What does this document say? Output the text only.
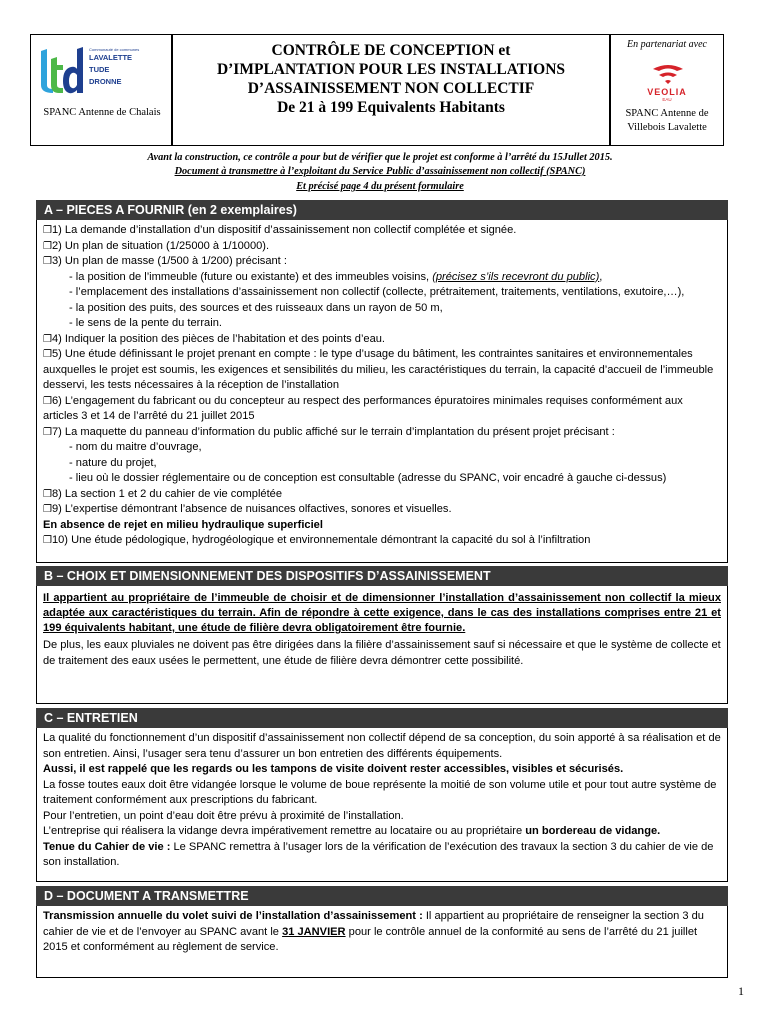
Communauté de communes
LAVALETTE
TUDE
DRONNE
SPANC Antenne de Chalais
CONTRÔLE DE CONCEPTION et
D’IMPLANTATION POUR LES INSTALLATIONS
D’ASSAINISSEMENT NON COLLECTIF
De 21 à 199 Equivalents Habitants
En partenariat avec
VEOLIA
EAU
SPANC Antenne de
Villebois Lavalette
Avant la construction, ce contrôle a pour but de vérifier que le projet est conforme à l’arrêté du 15Jullet 2015.
Document à transmettre à l’exploitant du Service Public d’assainissement non collectif (SPANC)
Et précisé page 4 du présent formulaire
A – PIECES A FOURNIR (en 2 exemplaires)

❐1) La demande d’installation d’un dispositif d’assainissement non collectif complétée et signée.

❐2) Un plan de situation (1/25000 à 1/10000).

❐3) Un plan de masse (1/500 à 1/200) précisant :

- la position de l’immeuble (future ou existante) et des immeubles voisins, (précisez s’ils recevront du public),

- l’emplacement des installations d’assainissement non collectif (collecte, prétraitement, traitements, ventilations, exutoire,…),

- la position des puits, des sources et des ruisseaux dans un rayon de 50 m,

- le sens de la pente du terrain.

❐4) Indiquer la position des pièces de l’habitation et des points d’eau.

❐5) Une étude définissant le projet prenant en compte : le type d’usage du bâtiment, les contraintes sanitaires et environnementales auxquelles le projet est soumis, les exigences et sensibilités du milieu, les caractéristiques du terrain, la capacité d’accueil de l’immeuble desservi, les tests nécessaires à la réception de l’installation

❐6) L’engagement du fabricant ou du concepteur au respect des performances épuratoires minimales requises conformément aux articles 3 et 14 de l’arrêté du 21 juillet 2015

❐7) La maquette du panneau d’information du public affiché sur le terrain d’implantation du présent projet précisant :

- nom du maitre d’ouvrage,

- nature du projet,

- lieu où le dossier réglementaire ou de conception est consultable (adresse du SPANC, voir encadré à gauche ci-dessus)

❐8) La section 1 et 2 du cahier de vie complétée

❐9) L’expertise démontrant l’absence de nuisances olfactives, sonores et visuelles.

En absence de rejet en milieu hydraulique superficiel

❐10) Une étude pédologique, hydrogéologique et environnementale démontrant la capacité du sol à l’infiltration

B – CHOIX ET DIMENSIONNEMENT DES DISPOSITIFS D’ASSAINISSEMENT

Il appartient au propriétaire de l’immeuble de choisir et de dimensionner l’installation d’assainissement non collectif la mieux adaptée aux caractéristiques du terrain. Afin de répondre à cette exigence, dans le cas des installations comprises entre 21 et 199 équivalents habitant, une étude de filière devra obligatoirement être fournie.

De plus, les eaux pluviales ne doivent pas être dirigées dans la filière d’assainissement sauf si nécessaire et que le système de collecte et de traitement des eaux usées le permettent, une étude de filière devra démontrer cette possibilité.

C – ENTRETIEN

La qualité du fonctionnement d’un dispositif d’assainissement non collectif dépend de sa conception, du soin apporté à sa réalisation et de son entretien. Ainsi, l’usager sera tenu d’assurer un bon entretien des différents équipements.

Aussi, il est rappelé que les regards ou les tampons de visite doivent rester accessibles, visibles et sécurisés.

La fosse toutes eaux doit être vidangée lorsque le volume de boue représente la moitié de son volume utile et pour tout autre système de traitement conformément aux prescriptions du fabricant.

Pour l’entretien, un point d’eau doit être prévu à proximité de l’installation.

L’entreprise qui réalisera la vidange devra impérativement remettre au locataire ou au propriétaire un bordereau de vidange.

Tenue du Cahier de vie : Le SPANC remettra à l’usager lors de la vérification de l’exécution des travaux la section 3 du cahier de vie de son installation.

D – DOCUMENT A TRANSMETTRE

Transmission annuelle du volet suivi de l’installation d’assainissement : Il appartient au propriétaire de renseigner la section 3 du cahier de vie et de l’envoyer au SPANC avant le 31 JANVIER pour le contrôle annuel de la conformité au sens de l’arrêté du 21 juillet 2015 et conformément au règlement de service.

1
